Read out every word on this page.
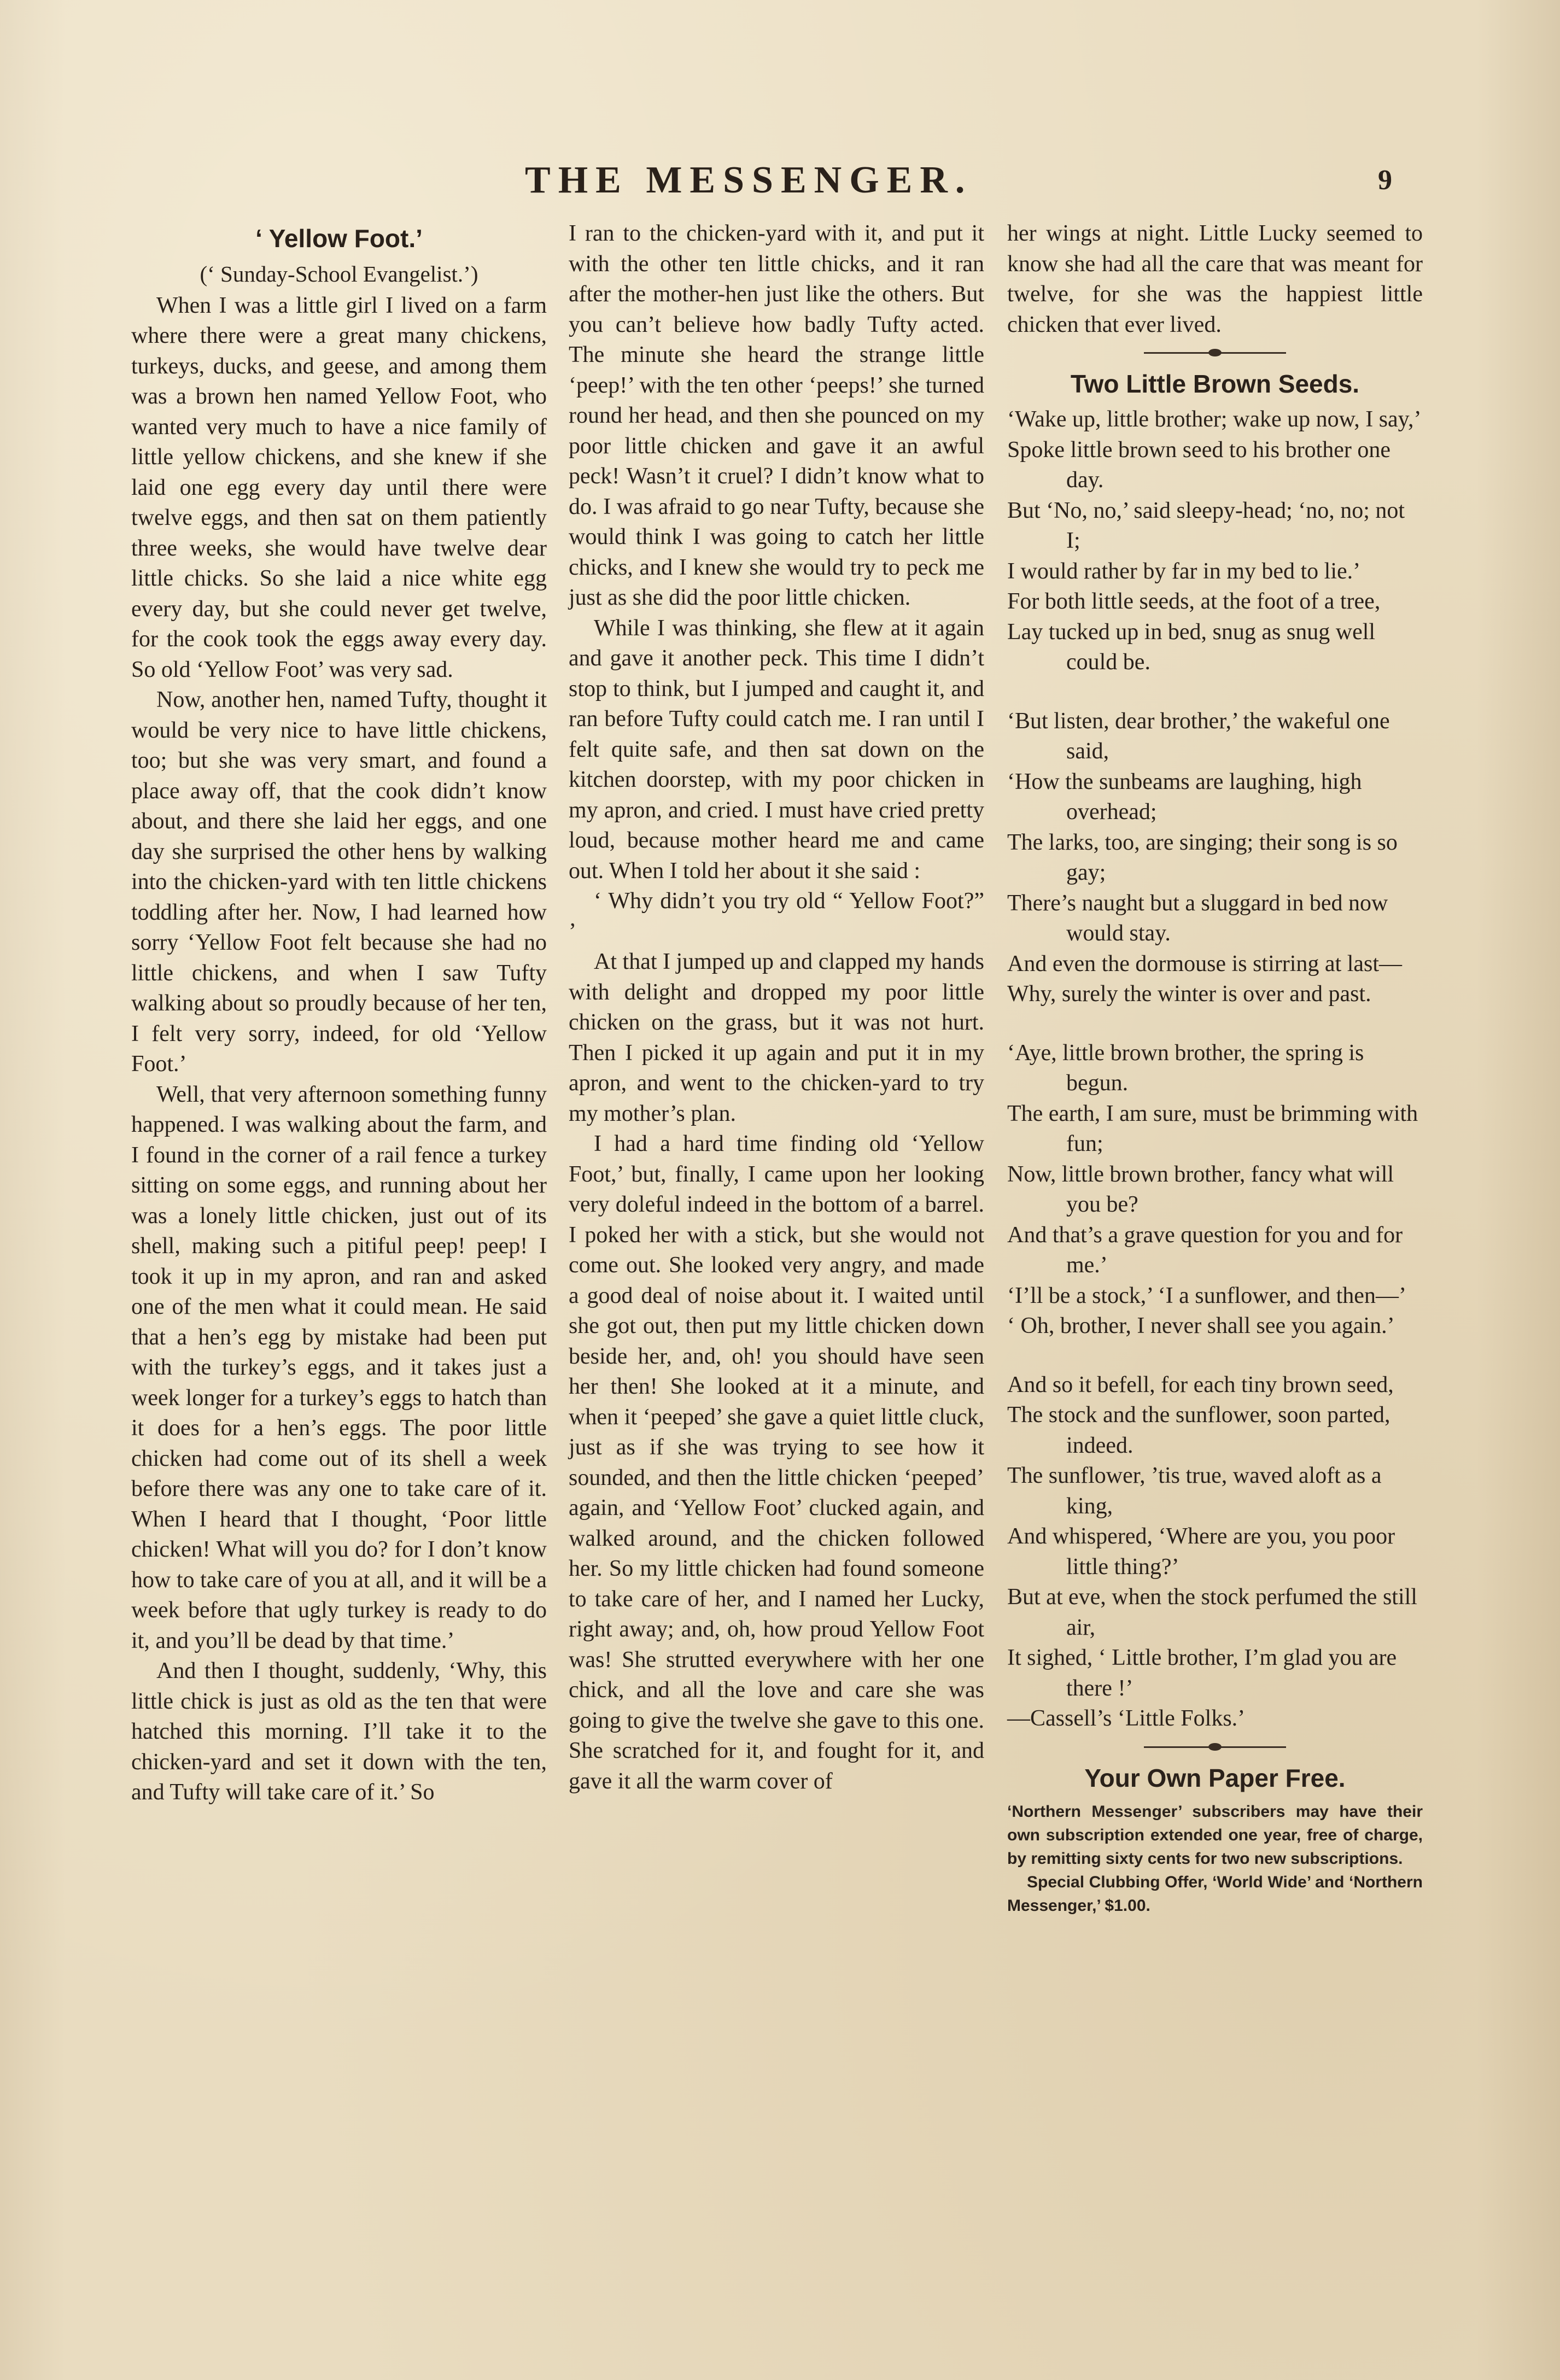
THE MESSENGER.	9
‘ Yellow Foot.’
(‘ Sunday-School Evangelist.’)

When I was a little girl I lived on a farm where there were a great many chickens, turkeys, ducks, and geese, and among them was a brown hen named Yellow Foot, who wanted very much to have a nice family of little yellow chickens, and she knew if she laid one egg every day until there were twelve eggs, and then sat on them patiently three weeks, she would have twelve dear little chicks. So she laid a nice white egg every day, but she could never get twelve, for the cook took the eggs away every day. So old ‘Yellow Foot’ was very sad.

Now, another hen, named Tufty, thought it would be very nice to have little chickens, too; but she was very smart, and found a place away off, that the cook didn’t know about, and there she laid her eggs, and one day she surprised the other hens by walking into the chicken-yard with ten little chickens toddling after her. Now, I had learned how sorry ‘Yellow Foot felt because she had no little chickens, and when I saw Tufty walking about so proudly because of her ten, I felt very sorry, indeed, for old ‘Yellow Foot.’

Well, that very afternoon something funny happened. I was walking about the farm, and I found in the corner of a rail fence a turkey sitting on some eggs, and running about her was a lonely little chicken, just out of its shell, making such a pitiful peep! peep! I took it up in my apron, and ran and asked one of the men what it could mean. He said that a hen’s egg by mistake had been put with the turkey’s eggs, and it takes just a week longer for a turkey’s eggs to hatch than it does for a hen’s eggs. The poor little chicken had come out of its shell a week before there was any one to take care of it. When I heard that I thought, ‘Poor little chicken! What will you do? for I don’t know how to take care of you at all, and it will be a week before that ugly turkey is ready to do it, and you’ll be dead by that time.’

And then I thought, suddenly, ‘Why, this little chick is just as old as the ten that were hatched this morning. I’ll take it to the chicken-yard and set it down with the ten, and Tufty will take care of it.’ So

I ran to the chicken-yard with it, and put it with the other ten little chicks, and it ran after the mother-hen just like the others. But you can’t believe how badly Tufty acted. The minute she heard the strange little ‘peep!’ with the ten other ‘peeps!’ she turned round her head, and then she pounced on my poor little chicken and gave it an awful peck! Wasn’t it cruel? I didn’t know what to do. I was afraid to go near Tufty, because she would think I was going to catch her little chicks, and I knew she would try to peck me just as she did the poor little chicken.

While I was thinking, she flew at it again and gave it another peck. This time I didn’t stop to think, but I jumped and caught it, and ran before Tufty could catch me. I ran until I felt quite safe, and then sat down on the kitchen doorstep, with my poor chicken in my apron, and cried. I must have cried pretty loud, because mother heard me and came out. When I told her about it she said :

‘ Why didn’t you try old “ Yellow Foot?” ’

At that I jumped up and clapped my hands with delight and dropped my poor little chicken on the grass, but it was not hurt. Then I picked it up again and put it in my apron, and went to the chicken-yard to try my mother’s plan.

I had a hard time finding old ‘Yellow Foot,’ but, finally, I came upon her looking very doleful indeed in the bottom of a barrel. I poked her with a stick, but she would not come out. She looked very angry, and made a good deal of noise about it. I waited until she got out, then put my little chicken down beside her, and, oh! you should have seen her then! She looked at it a minute, and when it ‘peeped’ she gave a quiet little cluck, just as if she was trying to see how it sounded, and then the little chicken ‘peeped’ again, and ‘Yellow Foot’ clucked again, and walked around, and the chicken followed her. So my little chicken had found someone to take care of her, and I named her Lucky, right away; and, oh, how proud Yellow Foot was! She strutted everywhere with her one chick, and all the love and care she was going to give the twelve she gave to this one. She scratched for it, and fought for it, and gave it all the warm cover of

her wings at night. Little Lucky seemed to know she had all the care that was meant for twelve, for she was the happiest little chicken that ever lived.

Two Little Brown Seeds.
‘Wake up, little brother; wake up now, I say,’
Spoke little brown seed to his brother one day.
But ‘No, no,’ said sleepy-head; ‘no, no; not I;
I would rather by far in my bed to lie.’
For both little seeds, at the foot of a tree,
Lay tucked up in bed, snug as snug well could be.
‘But listen, dear brother,’ the wakeful one said,
‘How the sunbeams are laughing, high overhead;
The larks, too, are singing; their song is so gay;
There’s naught but a sluggard in bed now would stay.
And even the dormouse is stirring at last—
Why, surely the winter is over and past.
‘Aye, little brown brother, the spring is begun.
The earth, I am sure, must be brimming with fun;
Now, little brown brother, fancy what will you be?
And that’s a grave question for you and for me.’
‘I’ll be a stock,’ ‘I a sunflower, and then—’
‘ Oh, brother, I never shall see you again.’
And so it befell, for each tiny brown seed,
The stock and the sunflower, soon parted, indeed.
The sunflower, ’tis true, waved aloft as a king,
And whispered, ‘Where are you, you poor little thing?’
But at eve, when the stock perfumed the still air,
It sighed, ‘ Little brother, I’m glad you are there !’
—Cassell’s ‘Little Folks.’
Your Own Paper Free.

‘Northern Messenger’ subscribers may have their own subscription extended one year, free of charge, by remitting sixty cents for two new subscriptions.

Special Clubbing Offer, ‘World Wide’ and ‘Northern Messenger,’ $1.00.
